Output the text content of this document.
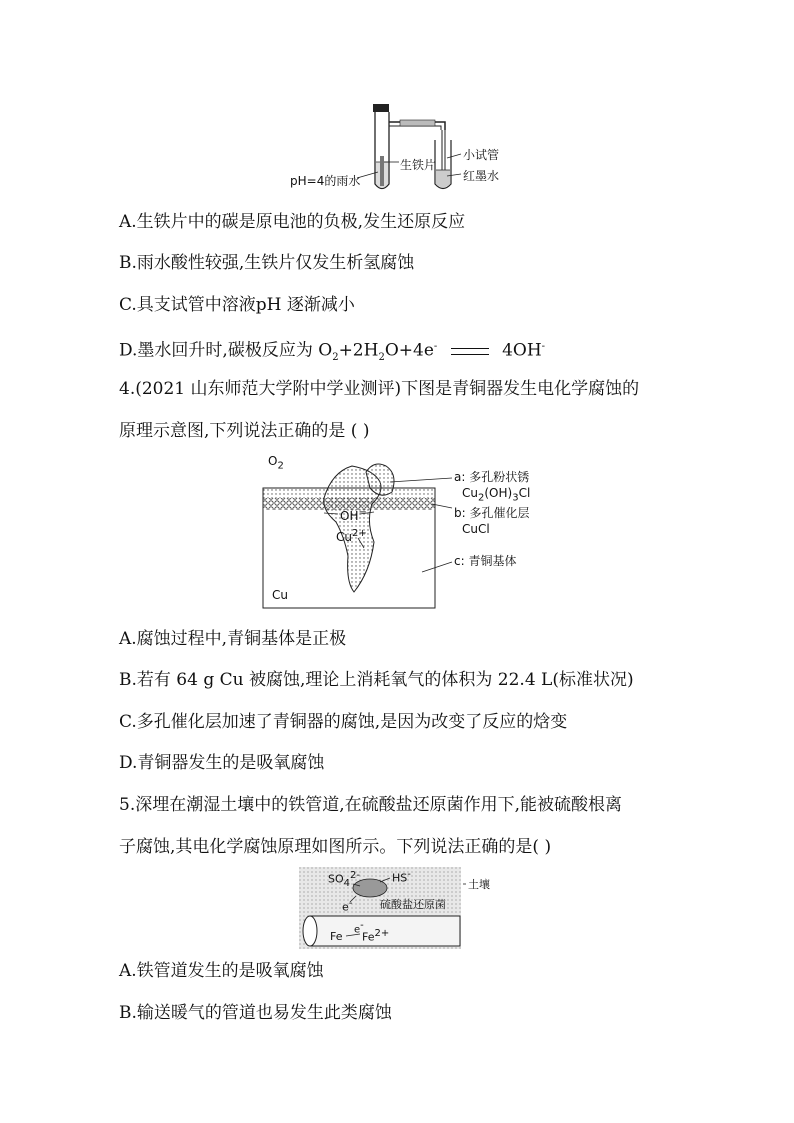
pH=4的雨水
生铁片
小试管
红墨水
A.生铁片中的碳是原电池的负极,发生还原反应
B.雨水酸性较强,生铁片仅发生析氢腐蚀
C.具支试管中溶液pH 逐渐减小
D.墨水回升时,碳极反应为 $O_2+2H_2O+4e^-$	4OH-
4.(2021 山东师范大学附中学业测评)下图是青铜器发生电化学腐蚀的
原理示意图,下列说法正确的是 ( )
$O_2$
a: 多孔粉状锈
$Cu_2(OH)_3Cl$
b: 多孔催化层
CuCl
c: 青铜基体
OH−
$Cu^{2+}$
Cu
A.腐蚀过程中,青铜基体是正极
B.若有 64 g Cu 被腐蚀,理论上消耗氧气的体积为 22.4 L(标准状况)
C.多孔催化层加速了青铜器的腐蚀,是因为改变了反应的焓变
D.青铜器发生的是吸氧腐蚀
5.深埋在潮湿土壤中的铁管道,在硫酸盐还原菌作用下,能被硫酸根离
子腐蚀,其电化学腐蚀原理如图所示。下列说法正确的是( )
$SO_4^{2-}$	HS-
土壤
e-	硫酸盐还原菌
Fe $Fe^{2+}$
e-
A.铁管道发生的是吸氧腐蚀
B.输送暖气的管道也易发生此类腐蚀
